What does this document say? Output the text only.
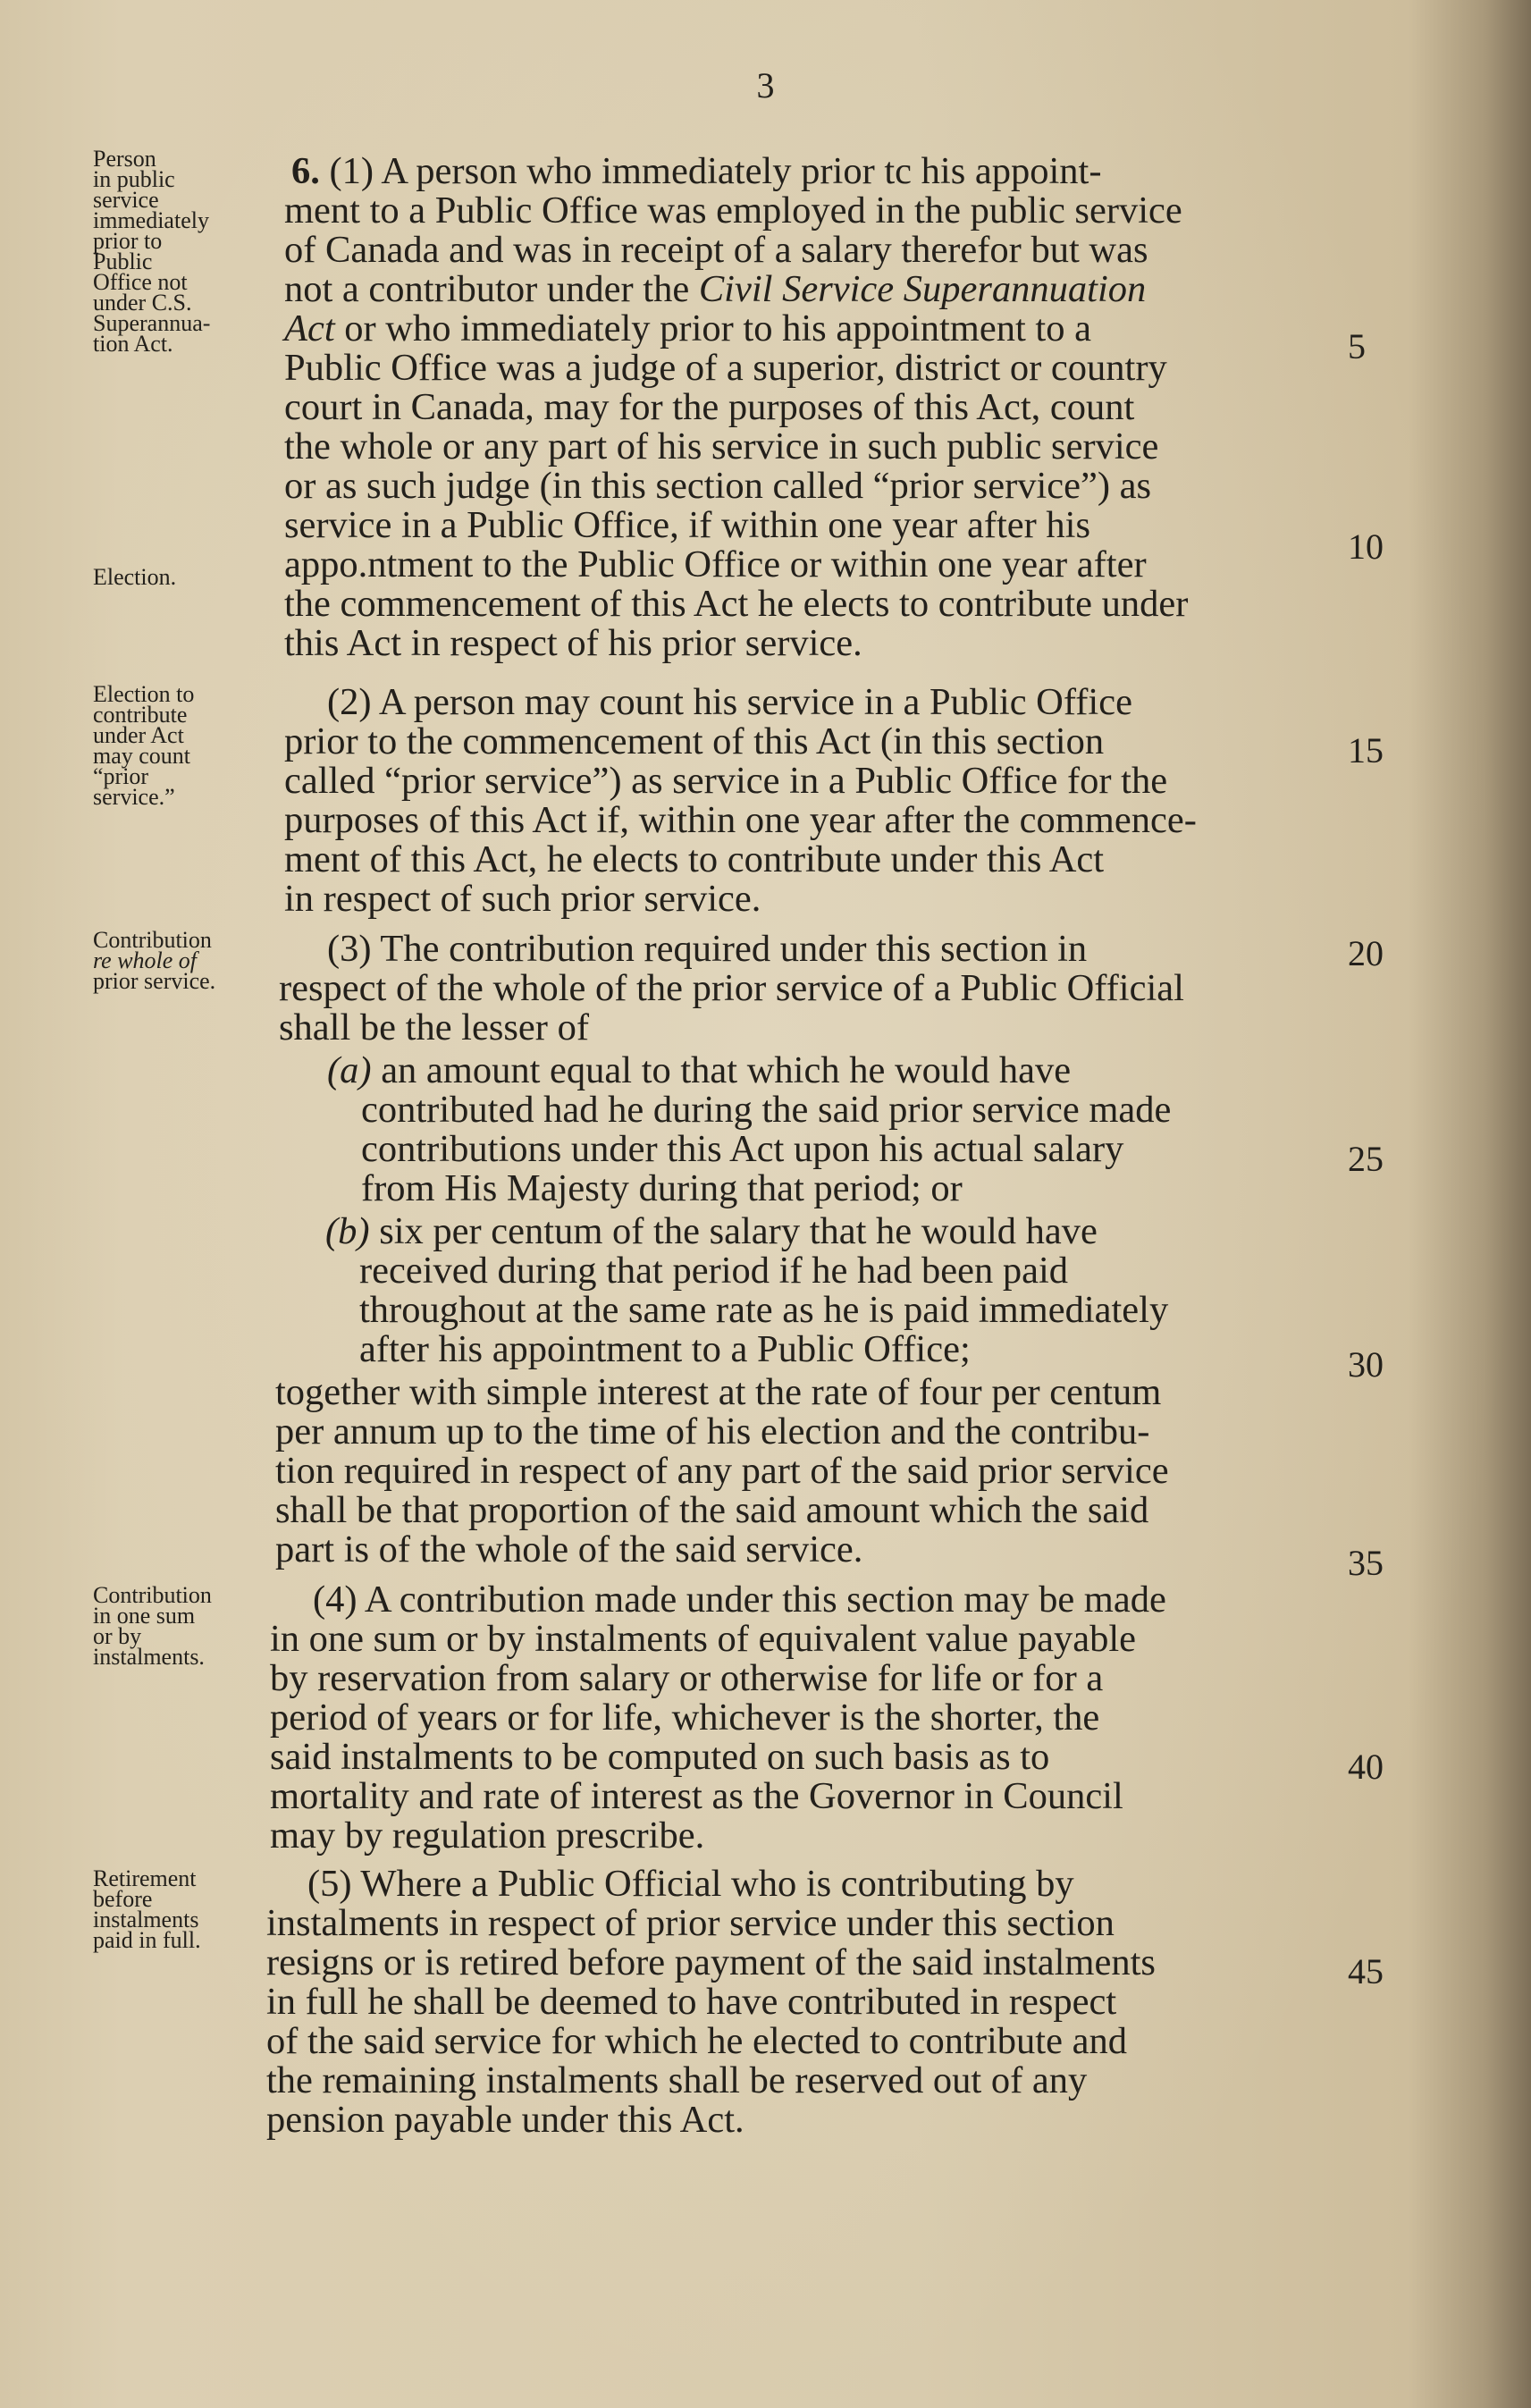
3
Person
in public
service
immediately
prior to
Public
Office not
under C.S.
Superannua-
tion Act.
Election.
Election to
contribute
under Act
may count
“prior
service.”
Contribution
re whole of
prior service.
Contribution
in one sum
or by
instalments.
Retirement
before
instalments
paid in full.
6. (1) A person who immediately prior tc his appoint-
ment to a Public Office was employed in the public service
of Canada and was in receipt of a salary therefor but was
not a contributor under the Civil Service Superannuation
Act or who immediately prior to his appointment to a
Public Office was a judge of a superior, district or country
court in Canada, may for the purposes of this Act, count
the whole or any part of his service in such public service
or as such judge (in this section called “prior service”) as
service in a Public Office, if within one year after his
appo.ntment to the Public Office or within one year after
the commencement of this Act he elects to contribute under
this Act in respect of his prior service.
(2) A person may count his service in a Public Office
prior to the commencement of this Act (in this section
called “prior service”) as service in a Public Office for the
purposes of this Act if, within one year after the commence-
ment of this Act, he elects to contribute under this Act
in respect of such prior service.
(3) The contribution required under this section in
respect of the whole of the prior service of a Public Official
shall be the lesser of
(a) an amount equal to that which he would have
contributed had he during the said prior service made
contributions under this Act upon his actual salary
from His Majesty during that period; or
(b) six per centum of the salary that he would have
received during that period if he had been paid
throughout at the same rate as he is paid immediately
after his appointment to a Public Office;
together with simple interest at the rate of four per centum
per annum up to the time of his election and the contribu-
tion required in respect of any part of the said prior service
shall be that proportion of the said amount which the said
part is of the whole of the said service.
(4) A contribution made under this section may be made
in one sum or by instalments of equivalent value payable
by reservation from salary or otherwise for life or for a
period of years or for life, whichever is the shorter, the
said instalments to be computed on such basis as to
mortality and rate of interest as the Governor in Council
may by regulation prescribe.
(5) Where a Public Official who is contributing by
instalments in respect of prior service under this section
resigns or is retired before payment of the said instalments
in full he shall be deemed to have contributed in respect
of the said service for which he elected to contribute and
the remaining instalments shall be reserved out of any
pension payable under this Act.
5
10
15
20
25
30
35
40
45
